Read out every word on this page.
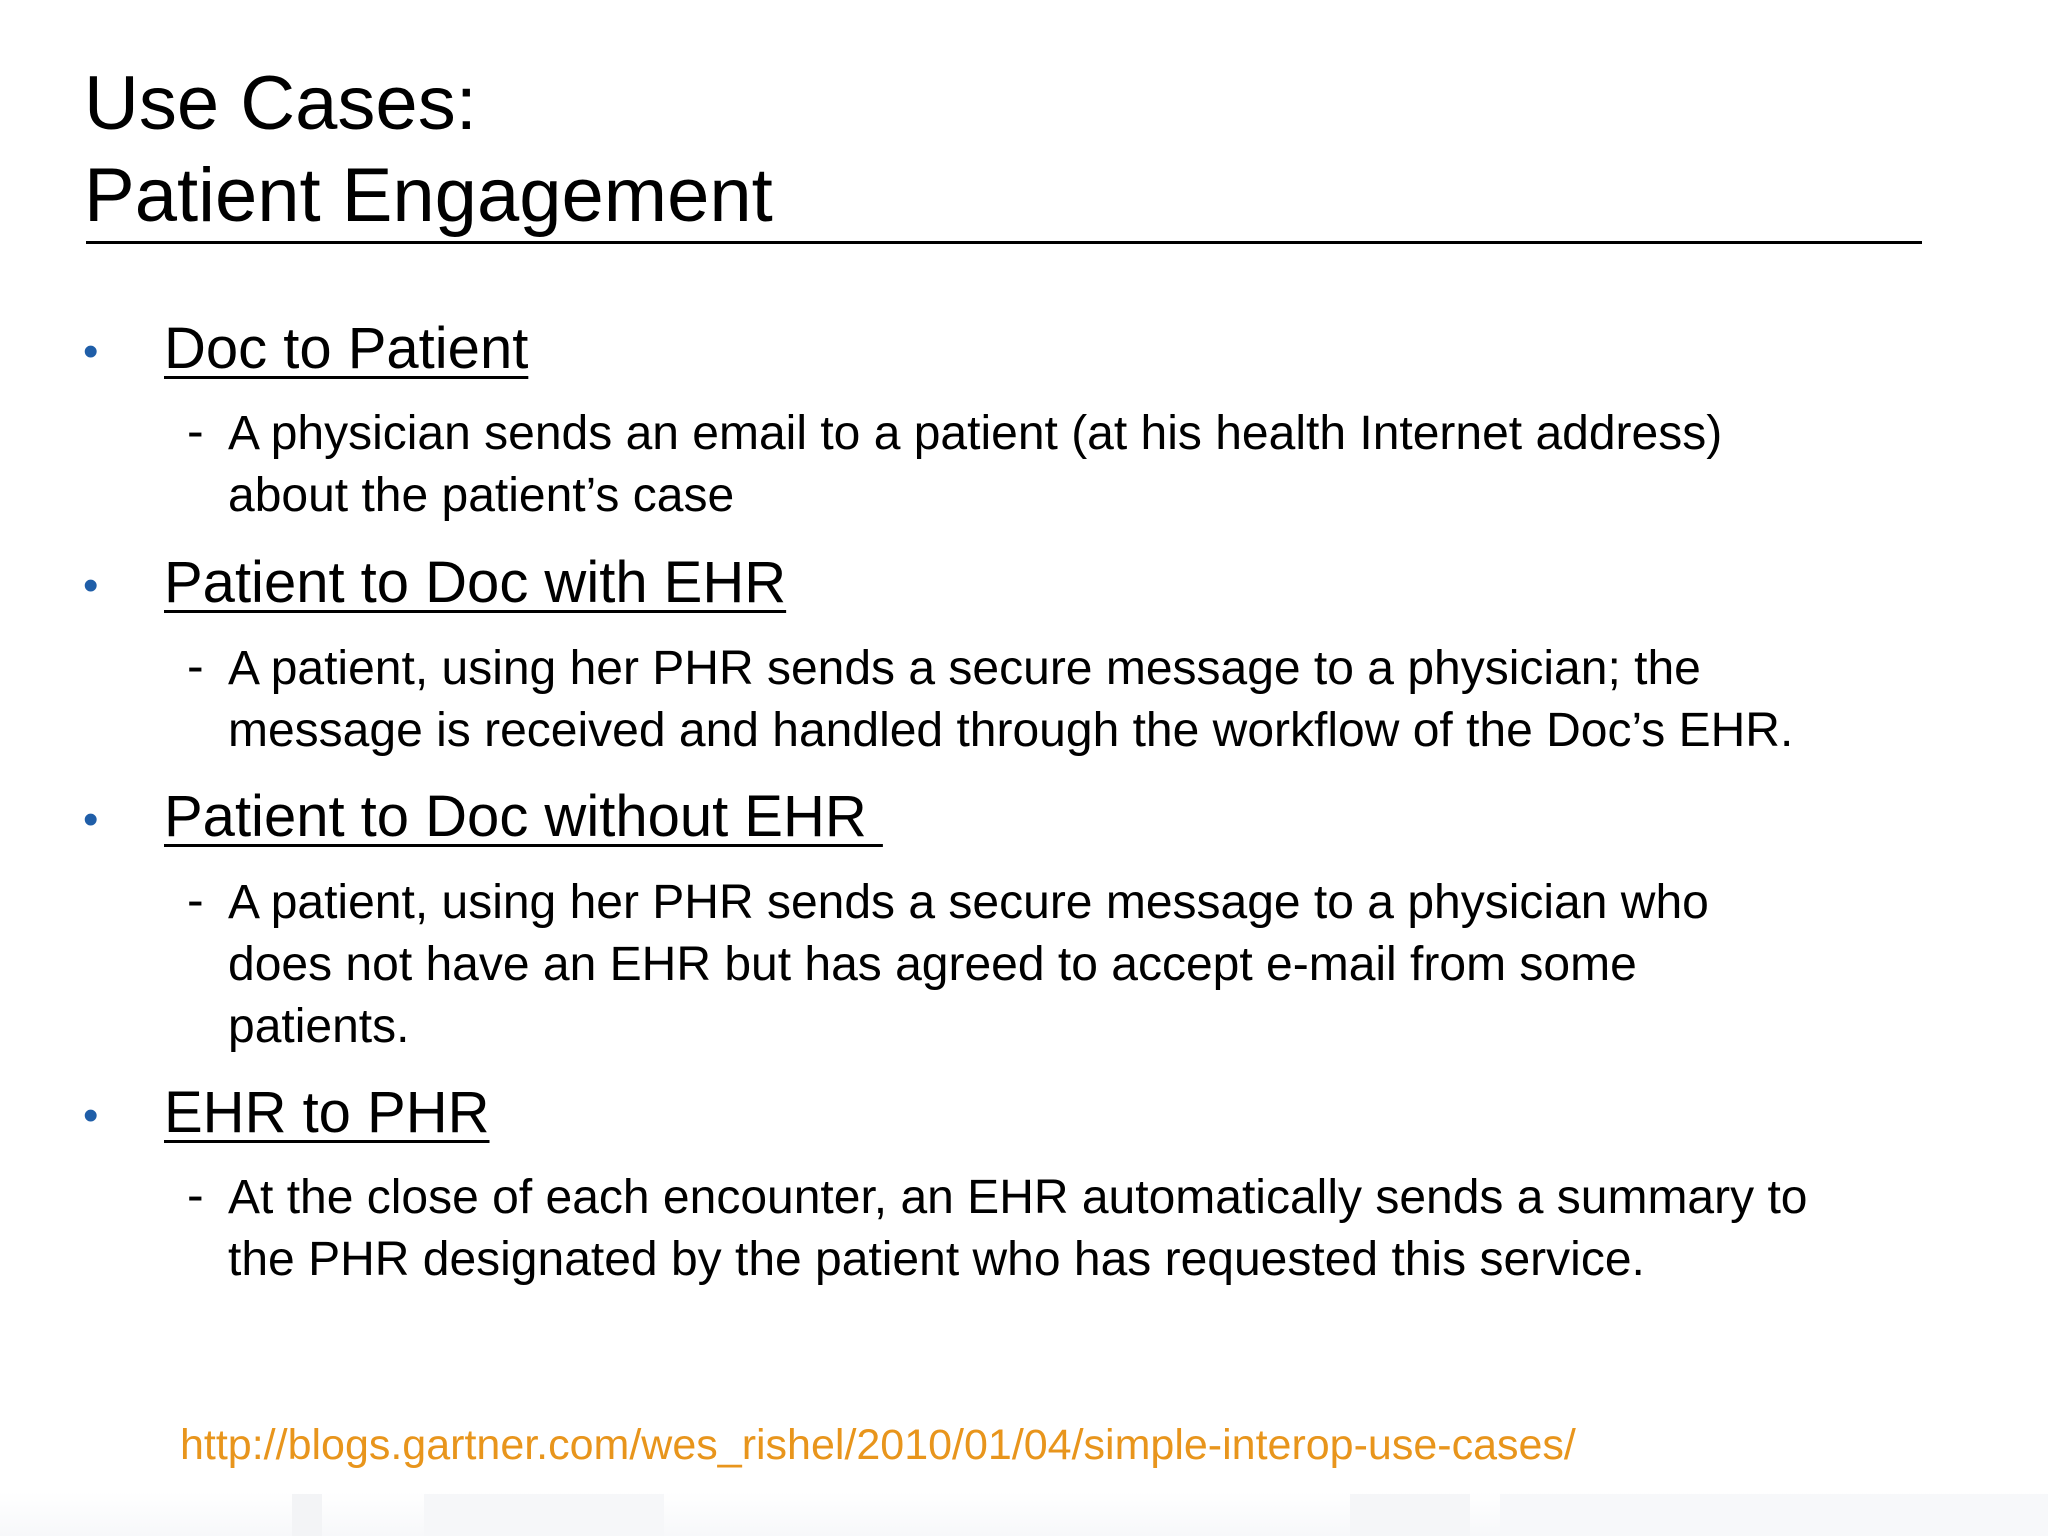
Use Cases:
Patient Engagement
• Doc to Patient
- A physician sends an email to a patient (at his health Internet address)
about the patient’s case
• Patient to Doc with EHR
- A patient, using her PHR sends a secure message to a physician; the
message is received and handled through the workflow of the Doc’s EHR.
• Patient to Doc without EHR
- A patient, using her PHR sends a secure message to a physician who
does not have an EHR but has agreed to accept e-mail from some
patients.
• EHR to PHR
- At the close of each encounter, an EHR automatically sends a summary to
the PHR designated by the patient who has requested this service.
http://blogs.gartner.com/wes_rishel/2010/01/04/simple-interop-use-cases/
